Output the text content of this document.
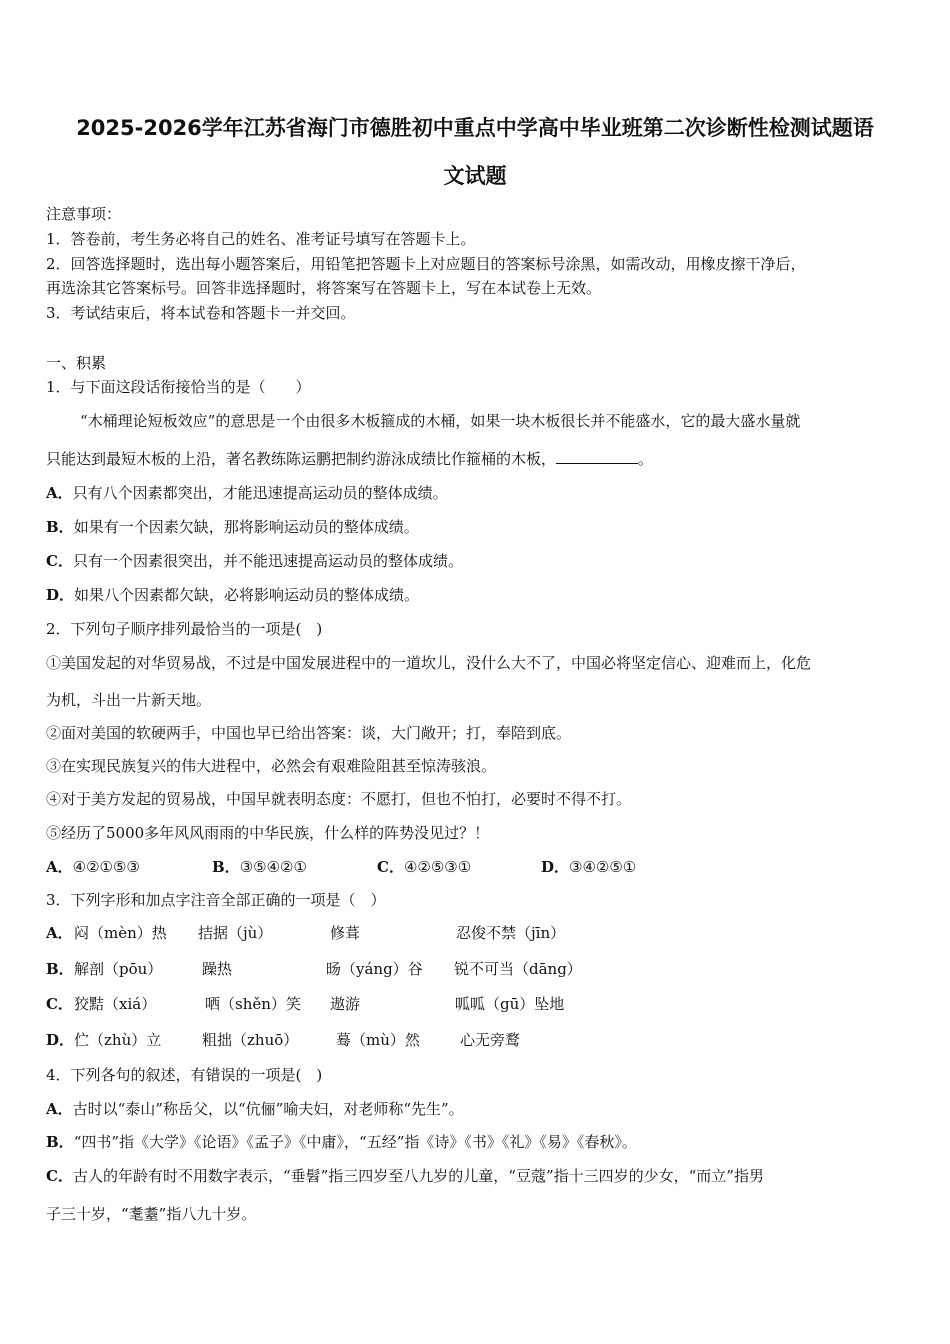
2025-2026学年江苏省海门市德胜初中重点中学高中毕业班第二次诊断性检测试题语
文试题
注意事项：
1．答卷前，考生务必将自己的姓名、准考证号填写在答题卡上。
2．回答选择题时，选出每小题答案后，用铅笔把答题卡上对应题目的答案标号涂黑，如需改动，用橡皮擦干净后，
再选涂其它答案标号。回答非选择题时，将答案写在答题卡上，写在本试卷上无效。
3．考试结束后，将本试卷和答题卡一并交回。
一、积累
1．与下面这段话衔接恰当的是（　　）
“木桶理论短板效应”的意思是一个由很多木板箍成的木桶，如果一块木板很长并不能盛水，它的最大盛水量就
只能达到最短木板的上沿，著名教练陈运鹏把制约游泳成绩比作箍桶的木板，	。
A．只有八个因素都突出，才能迅速提高运动员的整体成绩。
B．如果有一个因素欠缺，那将影响运动员的整体成绩。
C．只有一个因素很突出，并不能迅速提高运动员的整体成绩。
D．如果八个因素都欠缺，必将影响运动员的整体成绩。
2．下列句子顺序排列最恰当的一项是(　)
①美国发起的对华贸易战，不过是中国发展进程中的一道坎儿，没什么大不了，中国必将坚定信心、迎难而上，化危
为机，斗出一片新天地。
②面对美国的软硬两手，中国也早已给出答案：谈，大门敞开；打，奉陪到底。
③在实现民族复兴的伟大进程中，必然会有艰难险阻甚至惊涛骇浪。
④对于美方发起的贸易战，中国早就表明态度：不愿打，但也不怕打，必要时不得不打。
⑤经历了5000多年风风雨雨的中华民族，什么样的阵势没见过？！
A．④②①⑤③	B．③⑤④②①	C．④②⑤③①	D．③④②⑤①
3．下列字形和加点字注音全部正确的一项是（　）
A． 闷（mèn）热 拮据（jù）	修葺	忍俊不禁（jīn）
B． 解剖（pōu）	躁热	旸（yáng）谷 锐不可当（dāng）
C． 狡黠（xiá）	哂（shěn）笑 遨游	呱呱（gū）坠地
D． 伫（zhù）立	粗拙（zhuō）	蓦（mù）然	心无旁鹜
4．下列各句的叙述，有错误的一项是(　)
A．古时以“泰山”称岳父，以“伉俪”喻夫妇，对老师称“先生”。
B．“四书”指《大学》《论语》《孟子》《中庸》，“五经”指《诗》《书》《礼》《易》《春秋》。
C．古人的年龄有时不用数字表示，“垂髫”指三四岁至八九岁的儿童，“豆蔻”指十三四岁的少女，“而立”指男
子三十岁，“耄耋”指八九十岁。
